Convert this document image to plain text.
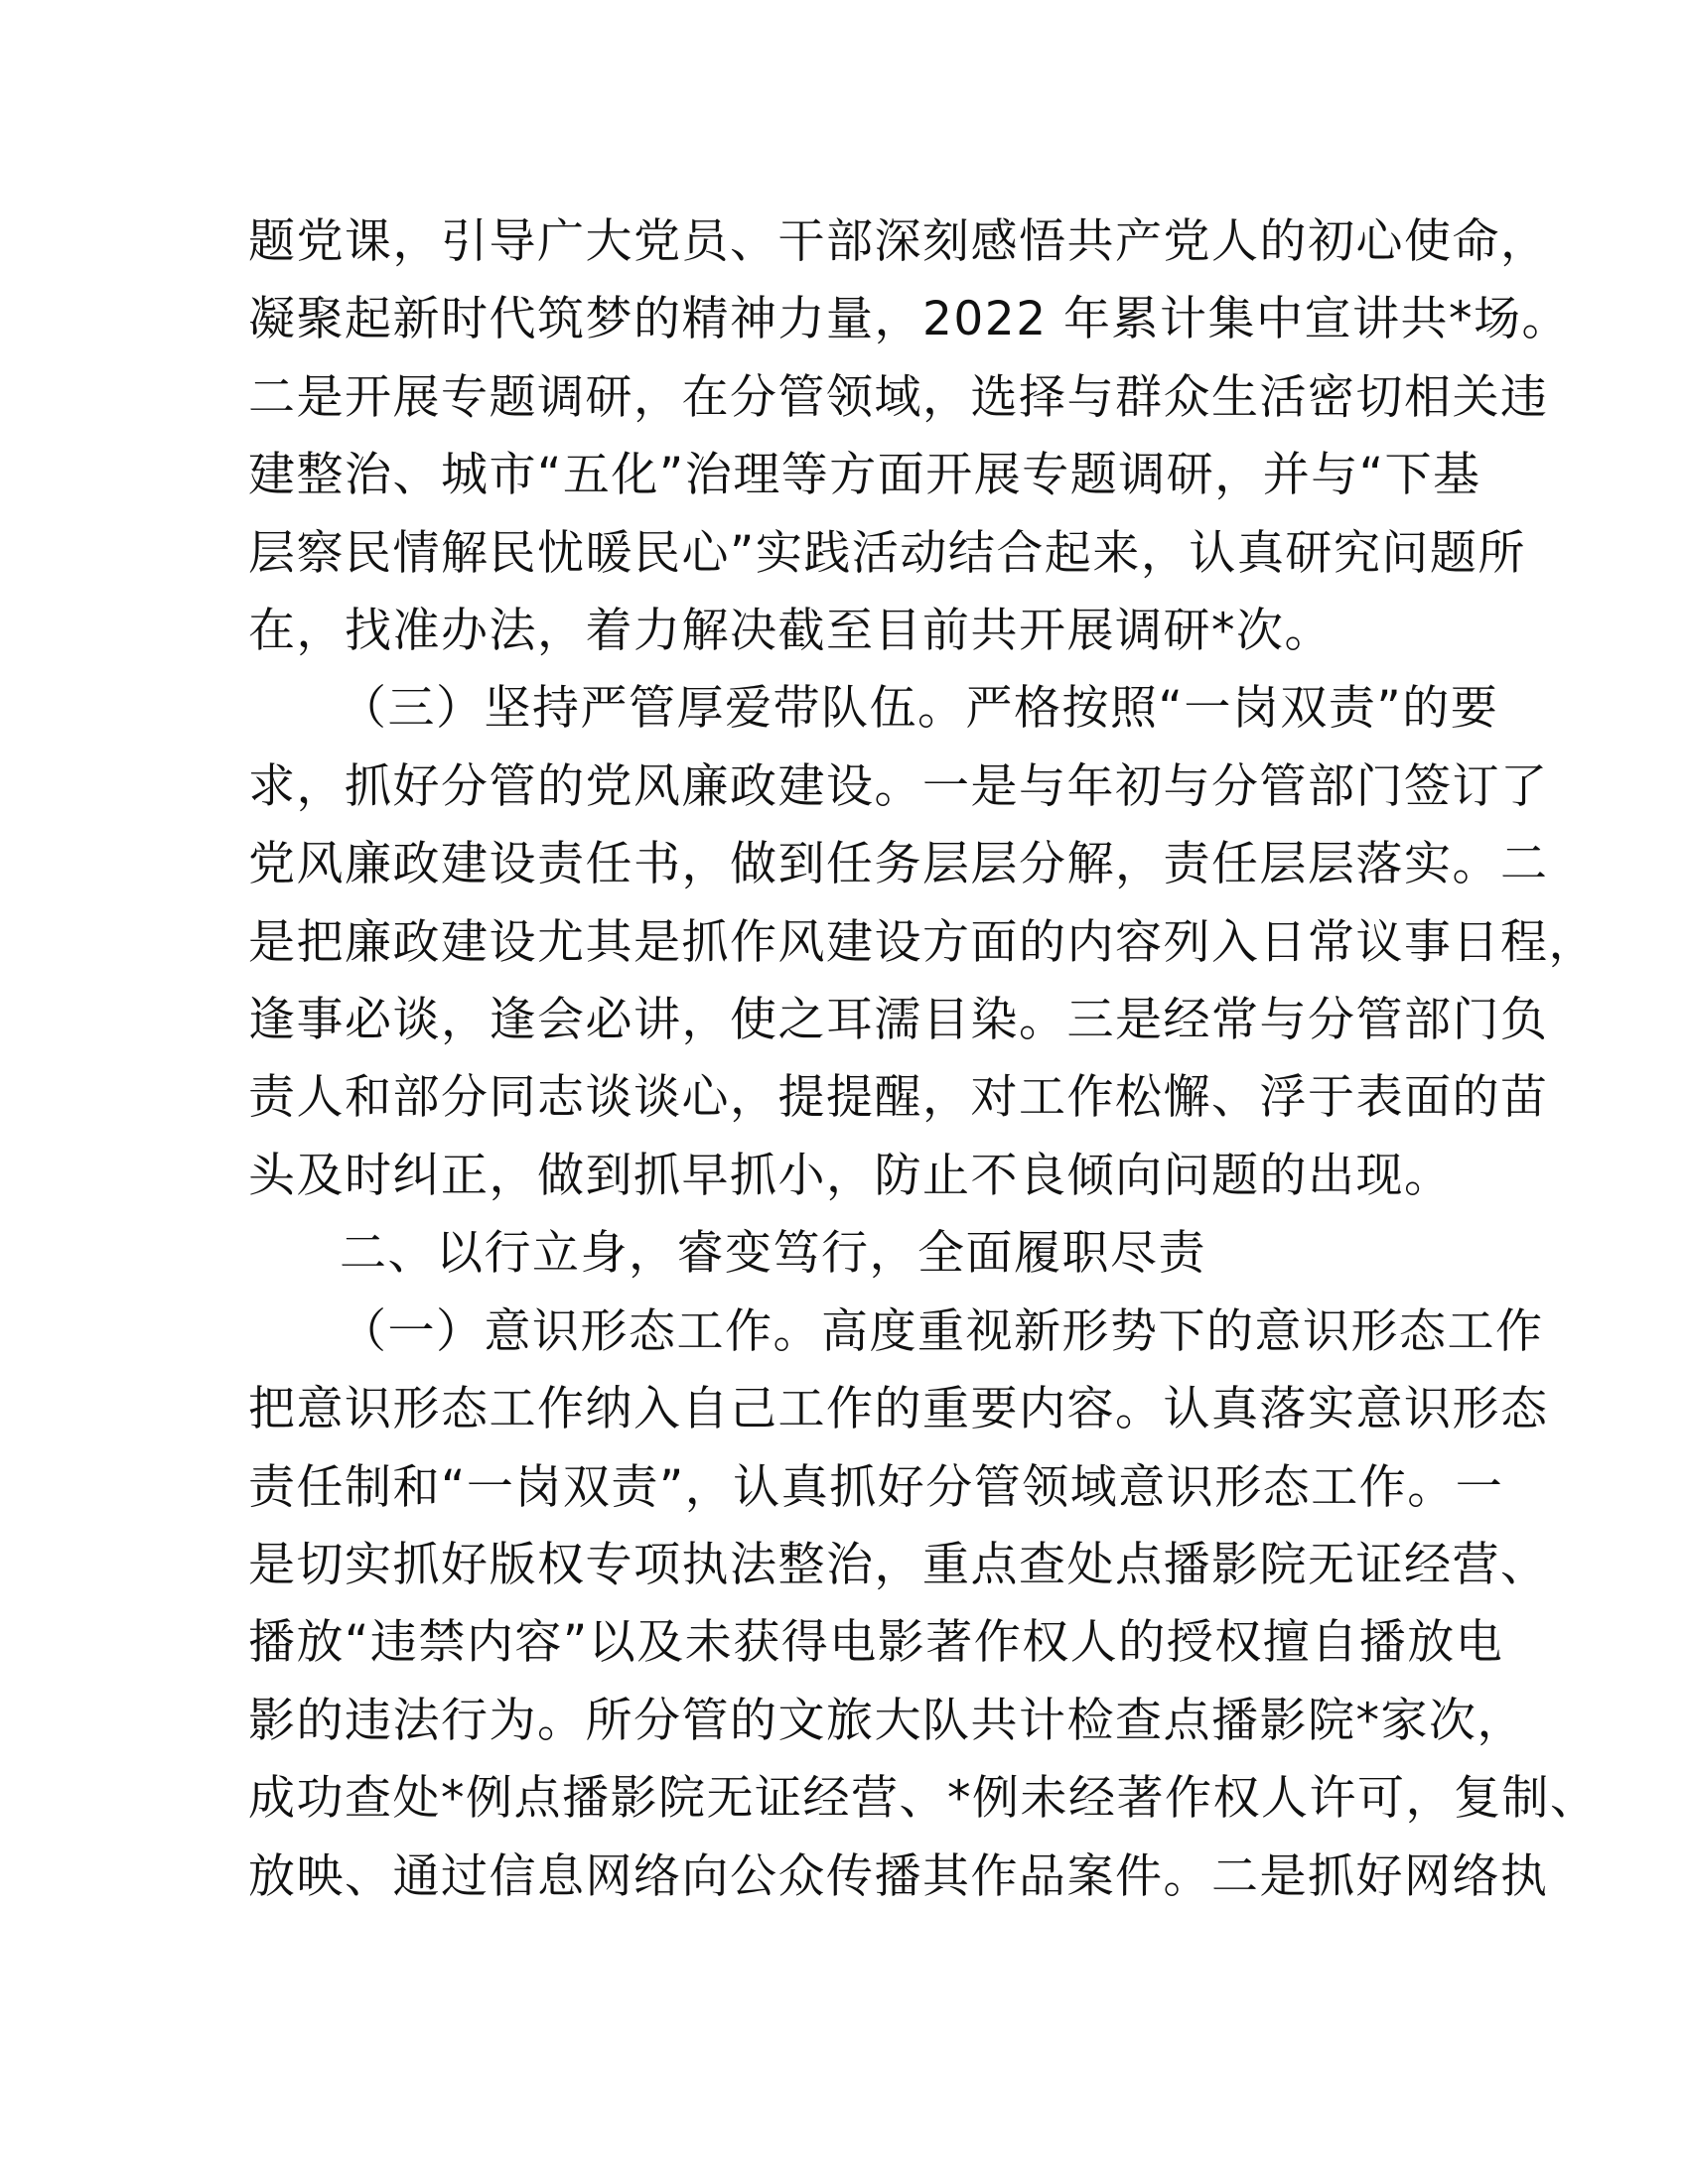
题党课，引导广大党员、干部深刻感悟共产党人的初心使命，
凝聚起新时代筑梦的精神力量，2022 年累计集中宣讲共*场。
二是开展专题调研，在分管领域，选择与群众生活密切相关违
建整治、城市“五化”治理等方面开展专题调研，并与“下基
层察民情解民忧暖民心”实践活动结合起来，认真研究问题所
在，找准办法，着力解决截至目前共开展调研*次。
（三）坚持严管厚爱带队伍。严格按照“一岗双责”的要
求，抓好分管的党风廉政建设。一是与年初与分管部门签订了
党风廉政建设责任书，做到任务层层分解，责任层层落实。二
是把廉政建设尤其是抓作风建设方面的内容列入日常议事日程，
逢事必谈，逢会必讲，使之耳濡目染。三是经常与分管部门负
责人和部分同志谈谈心，提提醒，对工作松懈、浮于表面的苗
头及时纠正，做到抓早抓小，防止不良倾向问题的出现。
二、以行立身，睿变笃行，全面履职尽责
（一）意识形态工作。高度重视新形势下的意识形态工作
把意识形态工作纳入自己工作的重要内容。认真落实意识形态
责任制和“一岗双责”，认真抓好分管领域意识形态工作。一
是切实抓好版权专项执法整治，重点查处点播影院无证经营、
播放“违禁内容”以及未获得电影著作权人的授权擅自播放电
影的违法行为。所分管的文旅大队共计检查点播影院*家次，
成功查处*例点播影院无证经营、*例未经著作权人许可，复制、
放映、通过信息网络向公众传播其作品案件。二是抓好网络执
